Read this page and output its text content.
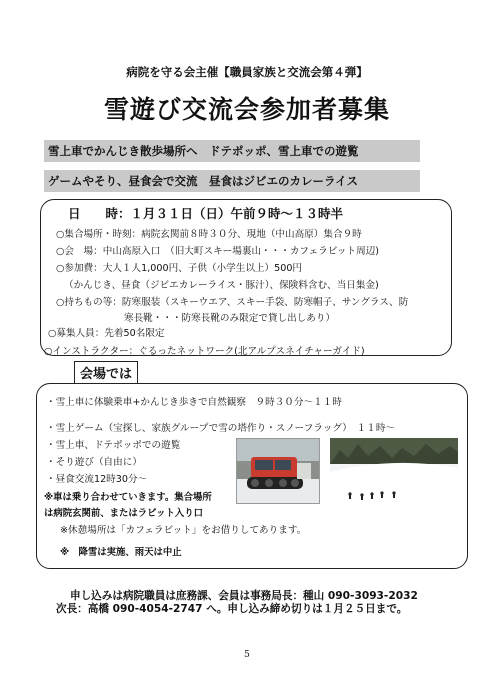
病院を守る会主催【職員家族と交流会第４弾】
雪遊び交流会参加者募集
雪上車でかんじき散歩場所へ　ドテポッポ、雪上車での遊覧
ゲームやそり、昼食会で交流　昼食はジビエのカレーライス
日　　時：１月３１日（日）午前９時～１３時半
○集合場所・時刻：病院玄関前８時３０分、現地（中山高原）集合９時
○会　場：中山高原入口　（旧大町スキー場裏山・・・カフェラビット周辺)
○参加費：大人１人1,000円、子供（小学生以上）500円
（かんじき、昼食（ジビエカレーライス・豚汁）、保険料含む、当日集金)
○持ちもの等：防寒服装（スキーウエア、スキー手袋、防寒帽子、サングラス、防
寒長靴・・・防寒長靴のみ限定で貸し出しあり）
○募集人員：先着50名限定
○インストラクター：ぐるったネットワーク(北アルプスネイチャーガイド)
会場では
・雪上車に体験乗車+かんじき歩きで自然観察　９時３０分～１１時
・雪上ゲーム（宝探し、家族グループで雪の塔作り・スノーフラッグ）　１１時～
・雪上車、ドテポッポでの遊覧
・そり遊び（自由に）
・昼食交流12時30分～
※車は乗り合わせていきます。集合場所
は病院玄関前、またはラビット入り口
※休憩場所は「カフェラビット」をお借りしてあります。
※　降雪は実施、雨天は中止
申し込みは病院職員は庶務課、会員は事務局長：種山 090-3093-2032
次長：高橋 090-4054-2747 へ。申し込み締め切りは１月２５日まで。
5
